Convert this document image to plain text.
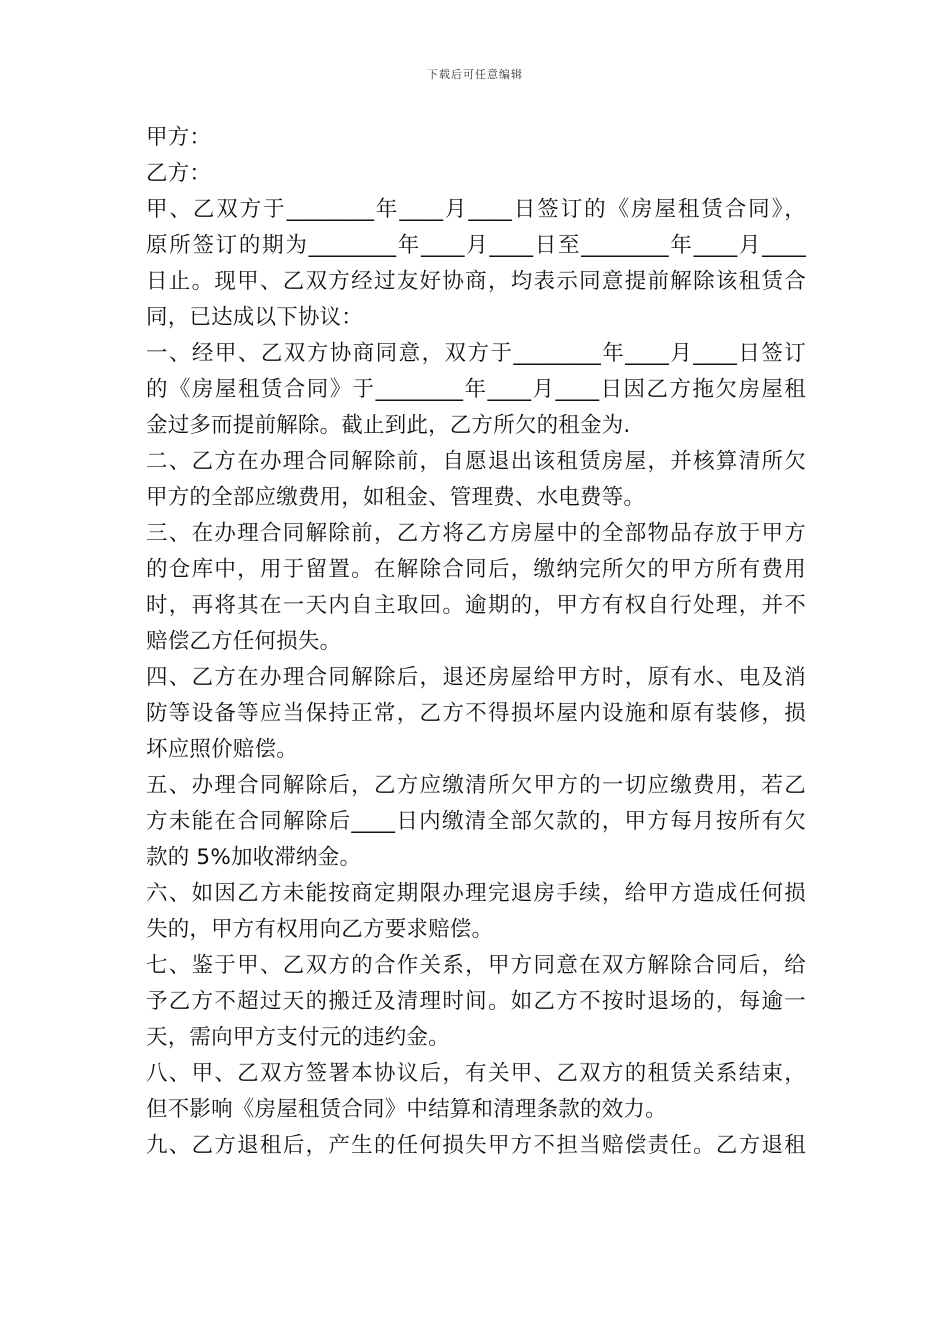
下载后可任意编辑
甲方：
乙方：
甲、乙双方于________年____月____日签订的《房屋租赁合同》，
原所签订的期为________年____月____日至________年____月____
日止。现甲、乙双方经过友好协商，均表示同意提前解除该租赁合
同，已达成以下协议：
一、经甲、乙双方协商同意，双方于________年____月____日签订
的《房屋租赁合同》于________年____月____日因乙方拖欠房屋租
金过多而提前解除。截止到此，乙方所欠的租金为.
二、乙方在办理合同解除前，自愿退出该租赁房屋，并核算清所欠
甲方的全部应缴费用，如租金、管理费、水电费等。
三、在办理合同解除前，乙方将乙方房屋中的全部物品存放于甲方
的仓库中，用于留置。在解除合同后，缴纳完所欠的甲方所有费用
时，再将其在一天内自主取回。逾期的，甲方有权自行处理，并不
赔偿乙方任何损失。
四、乙方在办理合同解除后，退还房屋给甲方时，原有水、电及消
防等设备等应当保持正常，乙方不得损坏屋内设施和原有装修，损
坏应照价赔偿。
五、办理合同解除后，乙方应缴清所欠甲方的一切应缴费用，若乙
方未能在合同解除后____日内缴清全部欠款的，甲方每月按所有欠
款的 5%加收滞纳金。
六、如因乙方未能按商定期限办理完退房手续，给甲方造成任何损
失的，甲方有权用向乙方要求赔偿。
七、鉴于甲、乙双方的合作关系，甲方同意在双方解除合同后，给
予乙方不超过天的搬迁及清理时间。如乙方不按时退场的，每逾一
天，需向甲方支付元的违约金。
八、甲、乙双方签署本协议后，有关甲、乙双方的租赁关系结束，
但不影响《房屋租赁合同》中结算和清理条款的效力。
九、乙方退租后，产生的任何损失甲方不担当赔偿责任。乙方退租
